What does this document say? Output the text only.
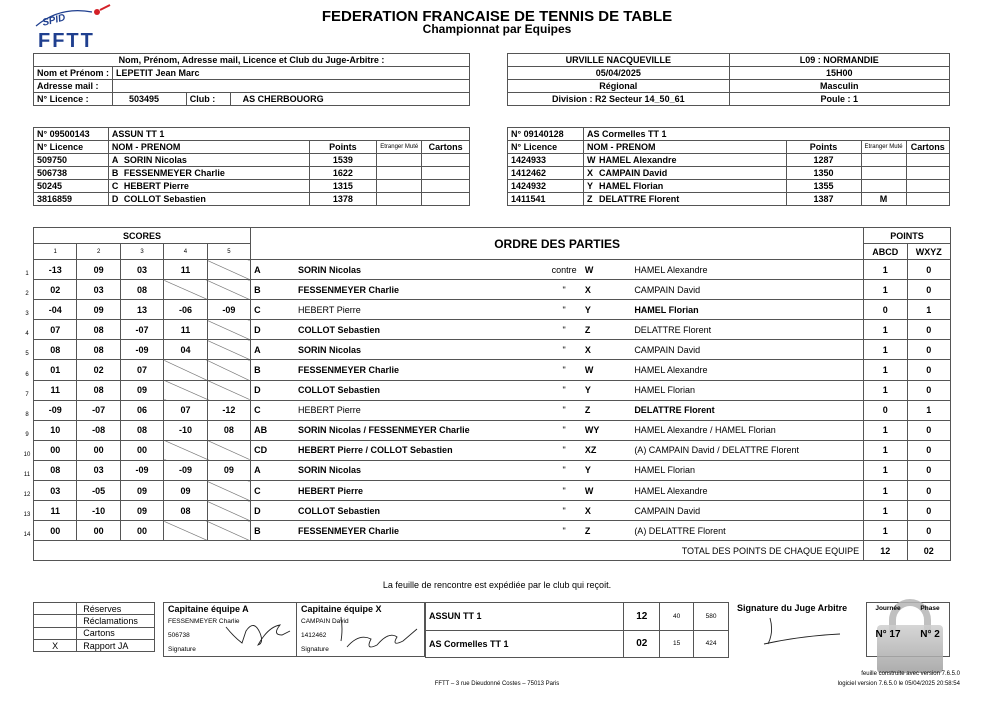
SPID
FFTT
FEDERATION FRANCAISE DE TENNIS DE TABLE
Championnat par Equipes
Nom, Prénom, Adresse mail, Licence et Club du Juge-Arbitre :			
Nom et Prénom :	LEPETIT Jean Marc		
Adresse mail :			
N° Licence :	503495	Club :	AS CHERBOUORG
URVILLE NACQUEVILLE	L09 : NORMANDIE
05/04/2025	15H00
Régional	Masculin
Division : R2 Secteur 14_50_61	Poule : 1
N° 09500143	ASSUN TT 1			
N° Licence	NOM - PRENOM	Points	Etranger Muté	Cartons
509750	A SORIN Nicolas	1539		
506738	B FESSENMEYER Charlie	1622		
50245	C HEBERT Pierre	1315		
3816859	D COLLOT Sebastien	1378		
N° 09140128	AS Cormelles TT 1			
N° Licence	NOM - PRENOM	Points	Etranger Muté	Cartons
1424933	W HAMEL Alexandre	1287		
1412462	X CAMPAIN David	1350		
1424932	Y HAMEL Florian	1355		
1411541	Z DELATTRE Florent	1387	M	
SCORES					ORDRE DES PARTIES					POINTS	
1	2	3	4	5						ABCD	WXYZ
-13	09	03	11		A	SORIN Nicolas	contre	W	HAMEL Alexandre	1	0
02	03	08			B	FESSENMEYER Charlie	"	X	CAMPAIN David	1	0
-04	09	13	-06	-09	C	HEBERT Pierre	"	Y	HAMEL Florian	0	1
07	08	-07	11		D	COLLOT Sebastien	"	Z	DELATTRE Florent	1	0
08	08	-09	04		A	SORIN Nicolas	"	X	CAMPAIN David	1	0
01	02	07			B	FESSENMEYER Charlie	"	W	HAMEL Alexandre	1	0
11	08	09			D	COLLOT Sebastien	"	Y	HAMEL Florian	1	0
-09	-07	06	07	-12	C	HEBERT Pierre	"	Z	DELATTRE Florent	0	1
10	-08	08	-10	08	AB	SORIN Nicolas / FESSENMEYER Charlie	"	WY	HAMEL Alexandre / HAMEL Florian	1	0
00	00	00			CD	HEBERT Pierre / COLLOT Sebastien	"	XZ	(A) CAMPAIN David / DELATTRE Florent	1	0
08	03	-09	-09	09	A	SORIN Nicolas	"	Y	HAMEL Florian	1	0
03	-05	09	09		C	HEBERT Pierre	"	W	HAMEL Alexandre	1	0
11	-10	09	08		D	COLLOT Sebastien	"	X	CAMPAIN David	1	0
00	00	00			B	FESSENMEYER Charlie	"	Z	(A) DELATTRE Florent	1	0
TOTAL DES POINTS DE CHAQUE EQUIPE										12	02
1
2
3
4
5
6
7
8
9
10
11
12
13
14
La feuille de rencontre est expédiée par le club qui reçoit.
	Réserves
	Réclamations
	Cartons
X	Rapport JA
Capitaine équipe A
FESSENMEYER Charlie
506738
Signature
Capitaine équipe X
CAMPAIN David
1412462
Signature
ASSUN TT 1	12	40	580
AS Cormelles TT 1	02	15	424
Signature du Juge Arbitre	Journée	Phase
N° 17	N° 2
feuille construite avec version 7.6.5.0
FFTT – 3 rue Dieudonné Costes – 75013 Paris	logiciel version 7.6.5.0 le 05/04/2025 20:58:54
